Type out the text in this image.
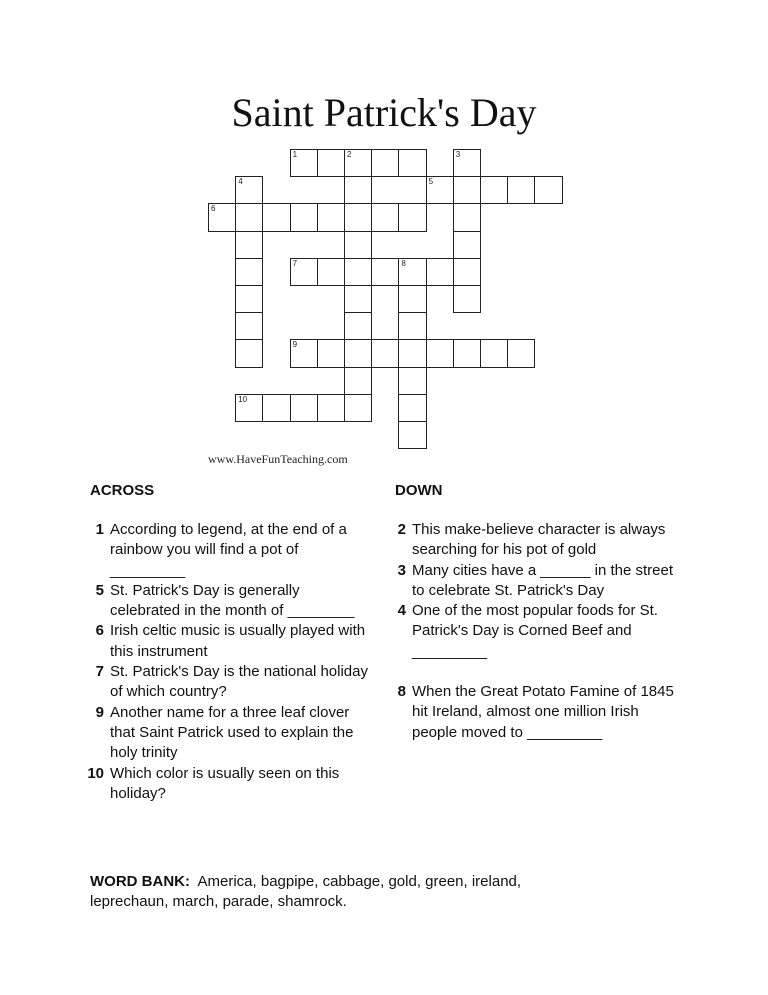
Saint Patrick's Day
1	2	3
4	5
6
7	8
9
10
www.HaveFunTeaching.com
ACROSS	DOWN
1 According to legend, at the end of a rainbow you will find a pot of _________
5 St. Patrick's Day is generally celebrated in the month of ________
6 Irish celtic music is usually played with this instrument
7 St. Patrick's Day is the national holiday of which country?
9 Another name for a three leaf clover that Saint Patrick used to explain the holy trinity
10 Which color is usually seen on this holiday?
2 This make-believe character is always searching for his pot of gold
3 Many cities have a ______ in the street to celebrate St. Patrick's Day
4 One of the most popular foods for St. Patrick's Day is Corned Beef and _________
8 When the Great Potato Famine of 1845 hit Ireland, almost one million Irish people moved to _________
WORD BANK: America, bagpipe, cabbage, gold, green, ireland, leprechaun, march, parade, shamrock.
